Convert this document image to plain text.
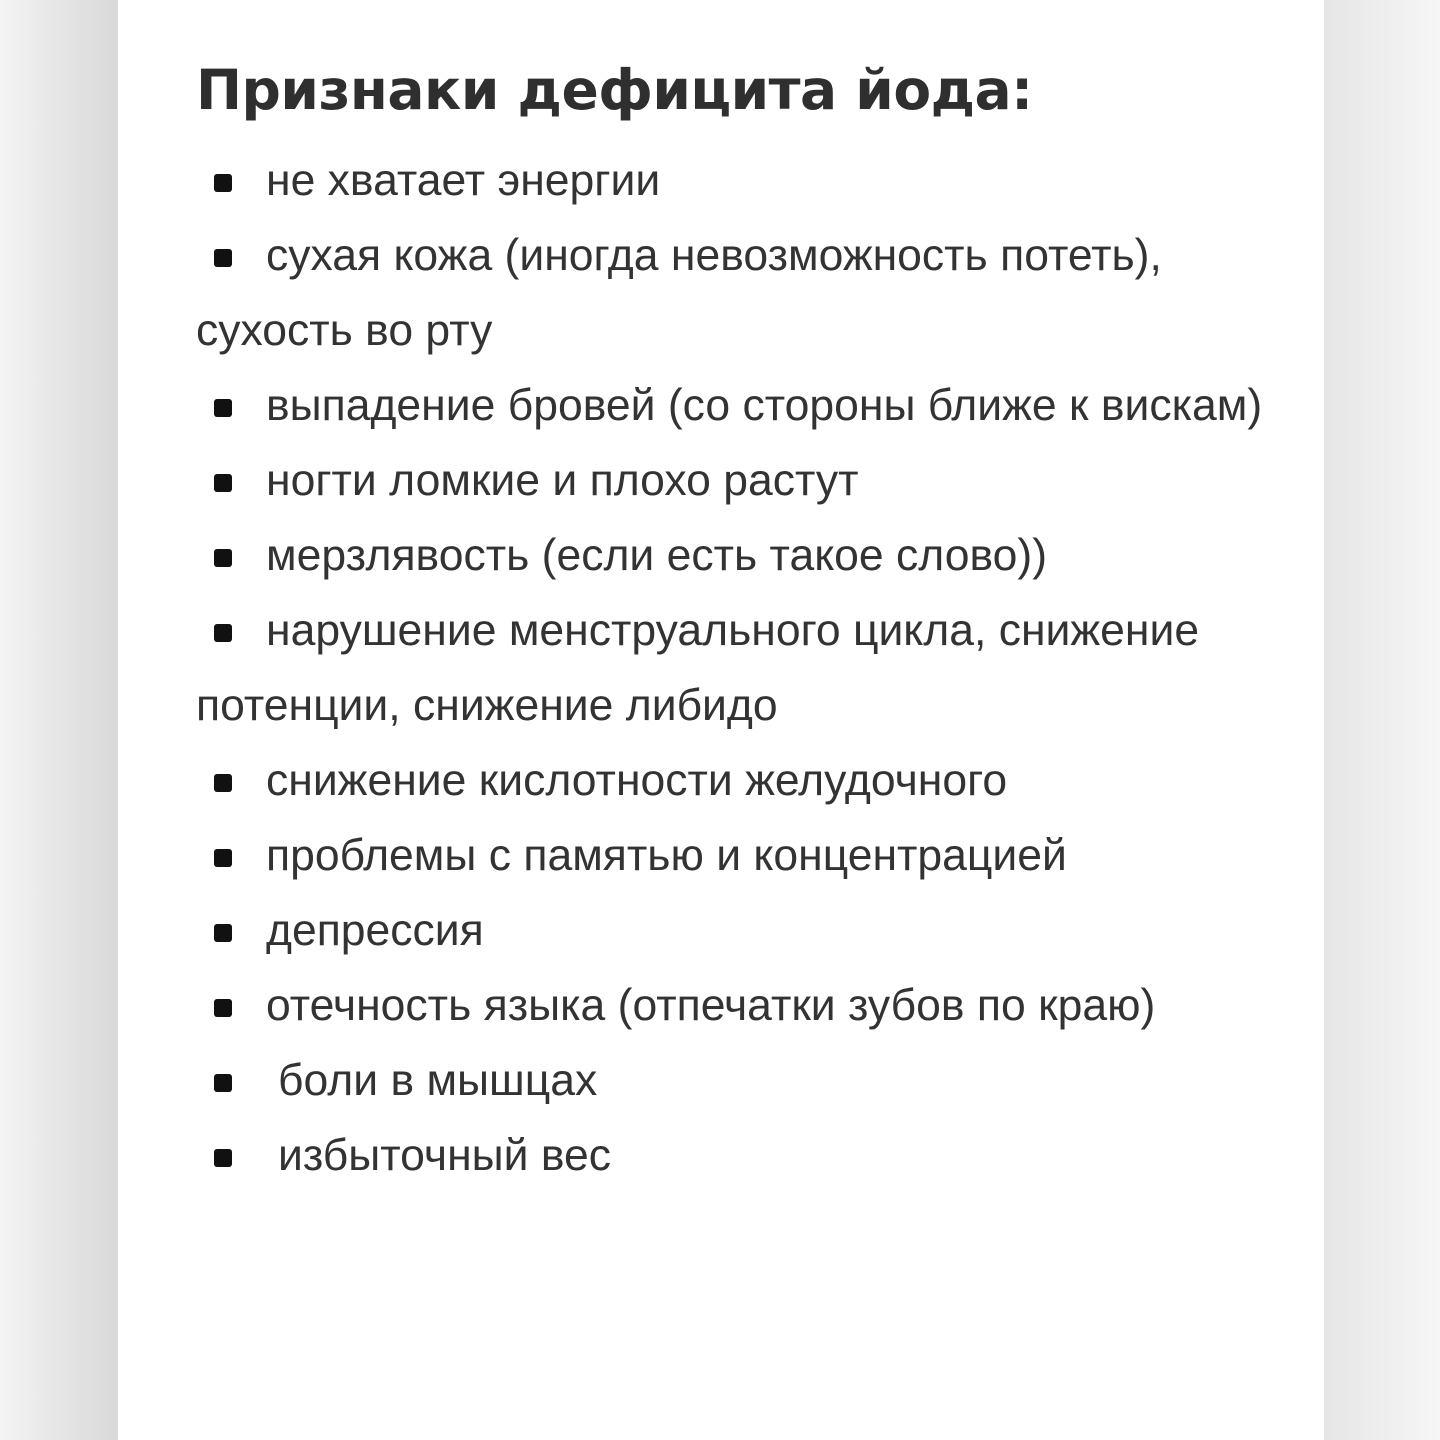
Признаки дефицита йода:

не хватает энергии

сухая кожа (иногда невозможность потеть), сухость во рту

выпадение бровей (со стороны ближе к вискам)

ногти ломкие и плохо растут

мерзлявость (если есть такое слово))

нарушение менструального цикла, снижение потенции, снижение либидо

снижение кислотности желудочного

проблемы с памятью и концентрацией

депрессия

отечность языка (отпечатки зубов по краю)

боли в мышцах

избыточный вес
